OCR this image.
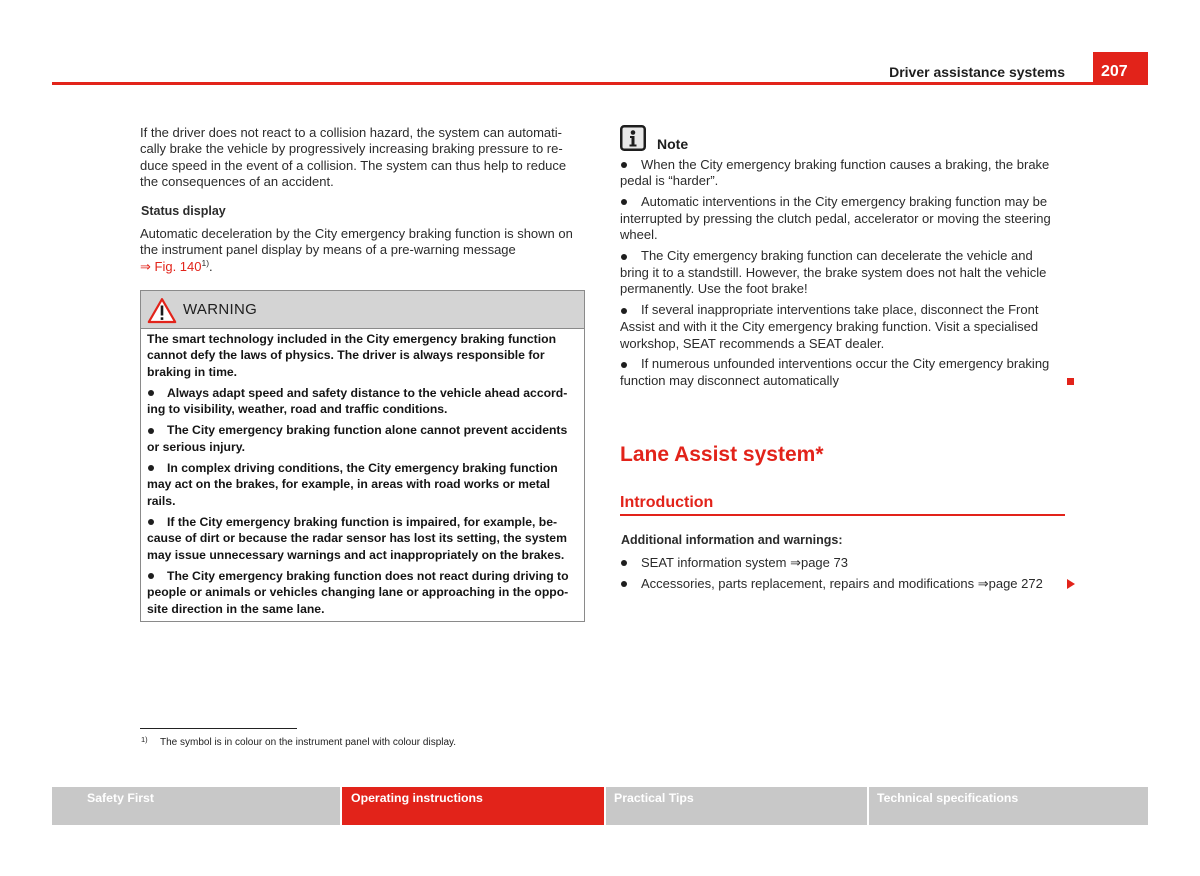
Driver assistance systems	207
If the driver does not react to a collision hazard, the system can automati-
cally brake the vehicle by progressively increasing braking pressure to re-
duce speed in the event of a collision. The system can thus help to reduce
the consequences of an accident.
Status display
Automatic deceleration by the City emergency braking function is shown on
the instrument panel display by means of a pre-warning message
⇒ Fig. 140$^{1)}$.
WARNING
The smart technology included in the City emergency braking function
cannot defy the laws of physics. The driver is always responsible for
braking in time.
Always adapt speed and safety distance to the vehicle ahead accord-
ing to visibility, weather, road and traffic conditions.
The City emergency braking function alone cannot prevent accidents
or serious injury.
In complex driving conditions, the City emergency braking function
may act on the brakes, for example, in areas with road works or metal
rails.
If the City emergency braking function is impaired, for example, be-
cause of dirt or because the radar sensor has lost its setting, the system
may issue unnecessary warnings and act inappropriately on the brakes.
The City emergency braking function does not react during driving to
people or animals or vehicles changing lane or approaching in the oppo-
site direction in the same lane.
Note
When the City emergency braking function causes a braking, the brake
pedal is “harder”.
Automatic interventions in the City emergency braking function may be
interrupted by pressing the clutch pedal, accelerator or moving the steering
wheel.
The City emergency braking function can decelerate the vehicle and
bring it to a standstill. However, the brake system does not halt the vehicle
permanently. Use the foot brake!
If several inappropriate interventions take place, disconnect the Front
Assist and with it the City emergency braking function. Visit a specialised
workshop, SEAT recommends a SEAT dealer.
If numerous unfounded interventions occur the City emergency braking
function may disconnect automatically
Lane Assist system*
Introduction
Additional information and warnings:
SEAT information system ⇒page 73
Accessories, parts replacement, repairs and modifications ⇒page 272
1) The symbol is in colour on the instrument panel with colour display.
Safety First	Operating instructions	Practical Tips	Technical specifications
